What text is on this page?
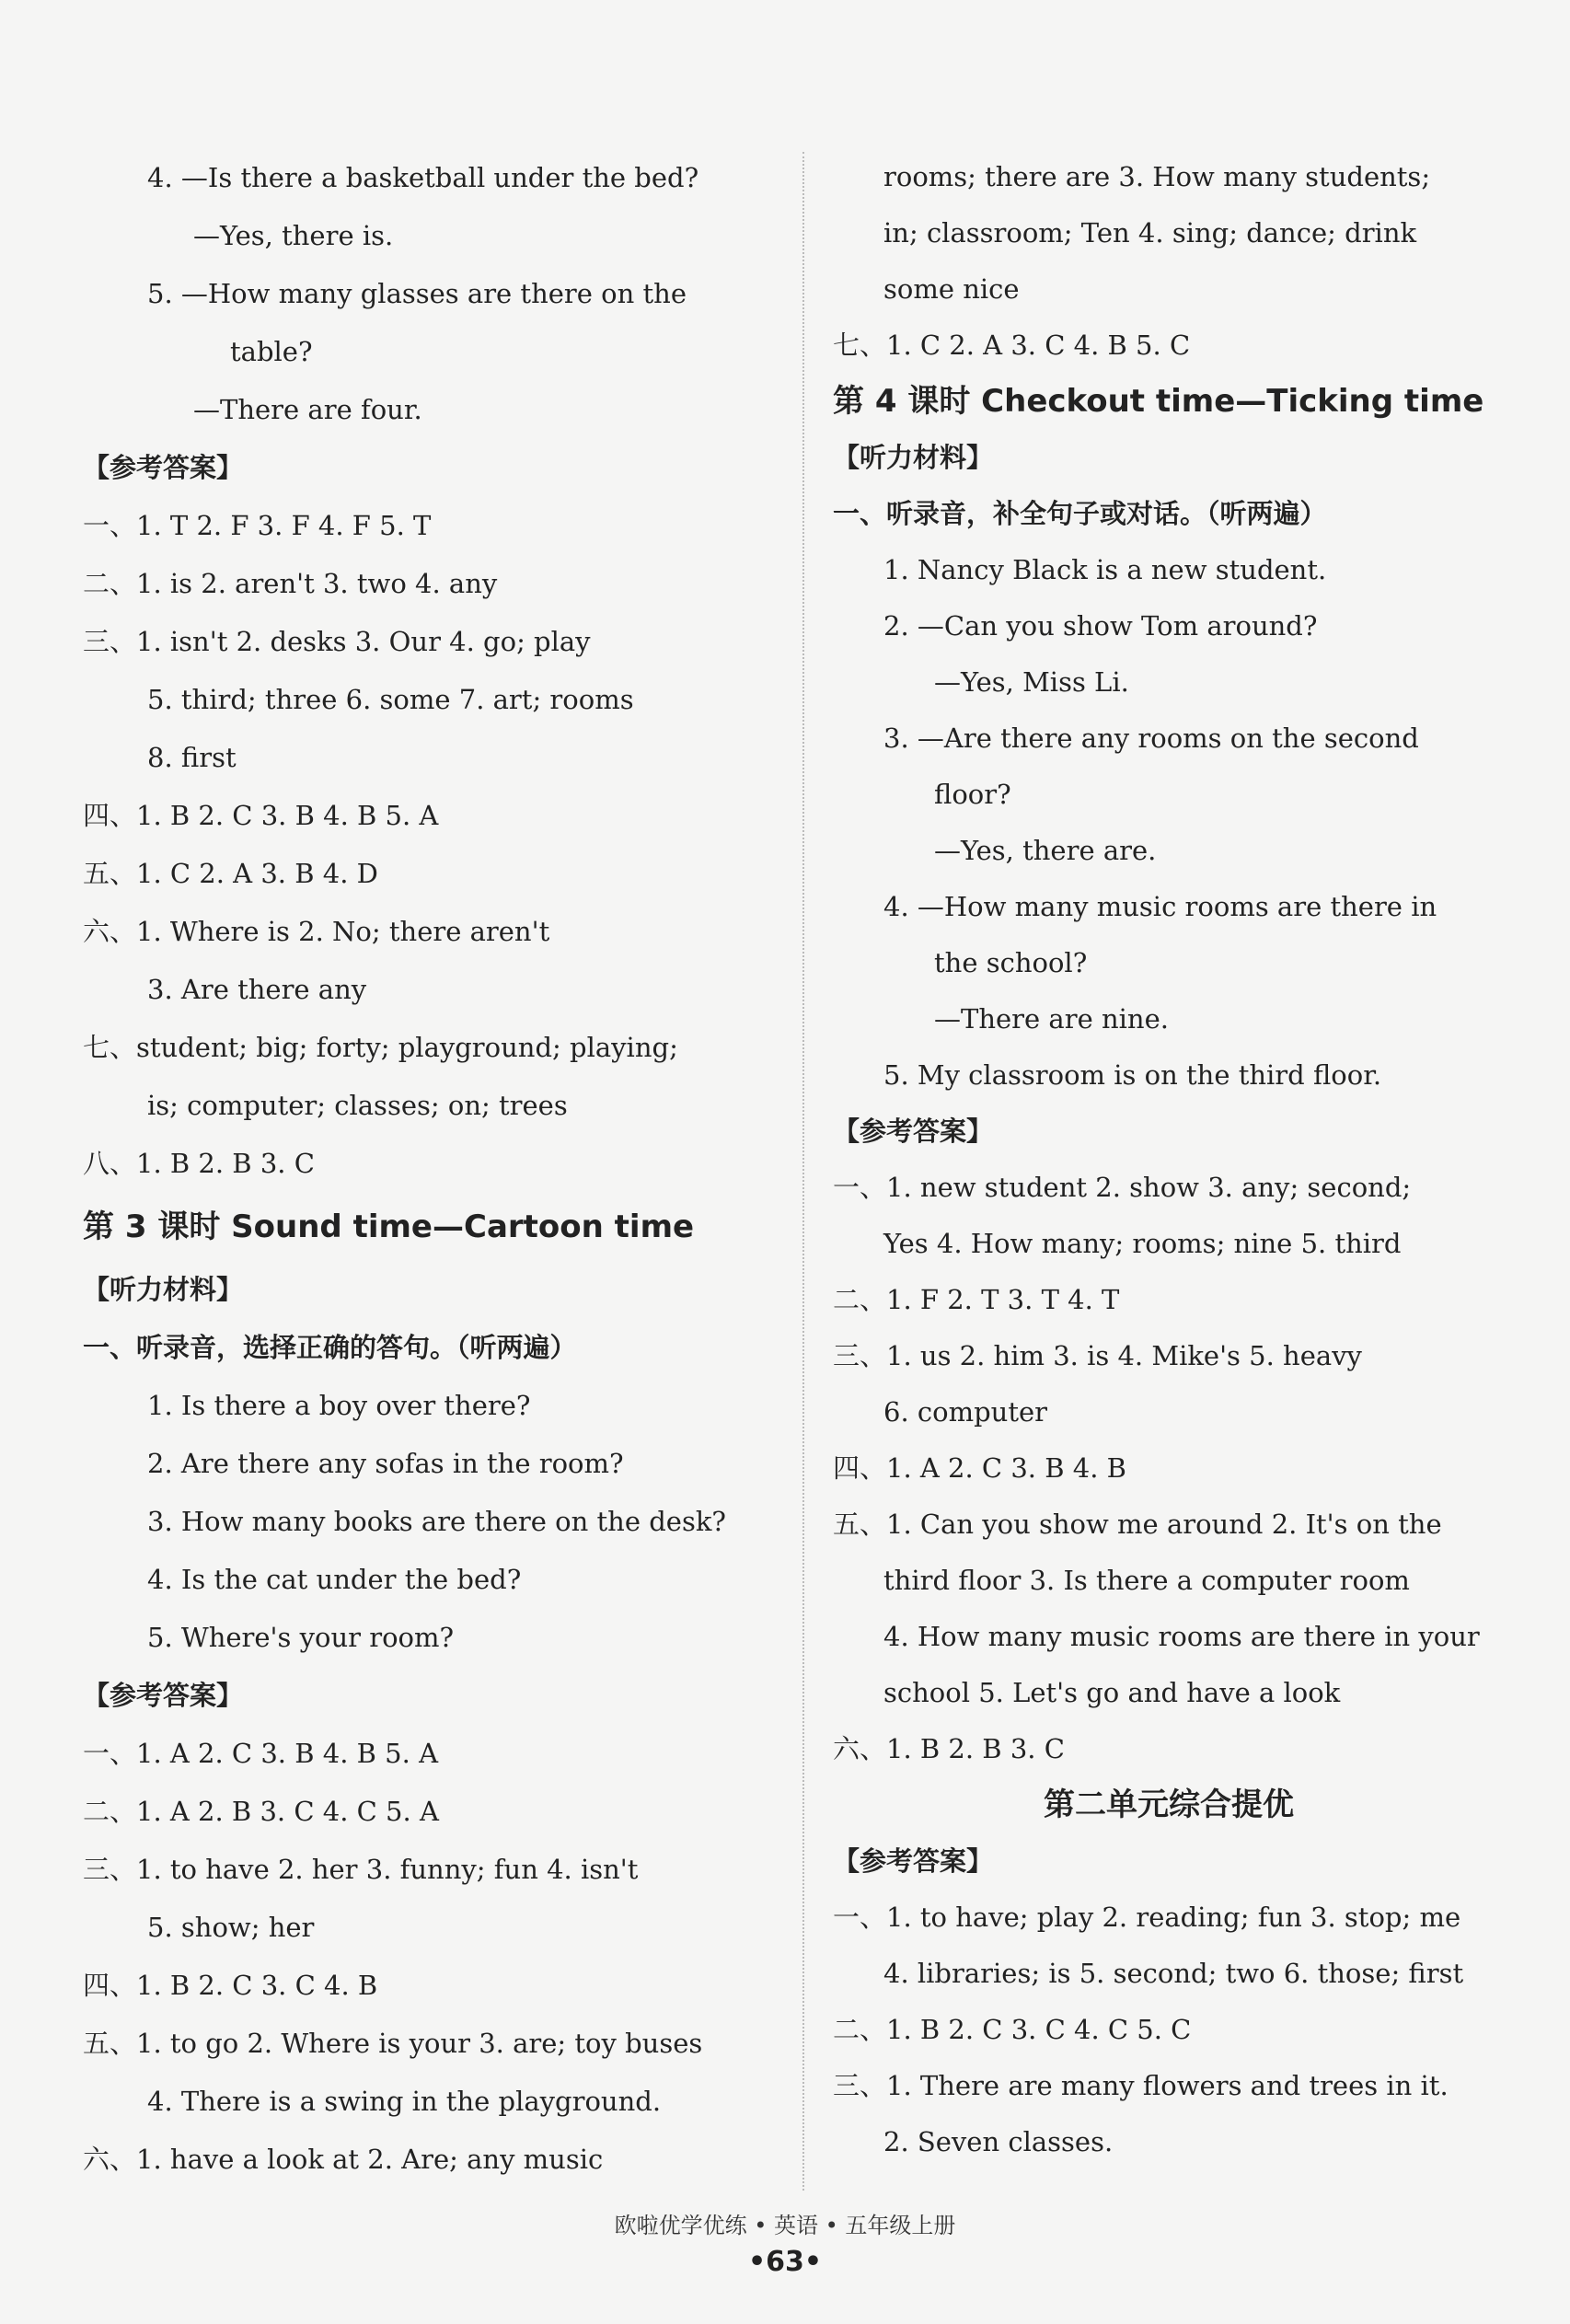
4. —Is there a basketball under the bed?
—Yes, there is.
5. —How many glasses are there on the
table?
—There are four.
【参考答案】
一、1. T 2. F 3. F 4. F 5. T
二、1. is 2. aren't 3. two 4. any
三、1. isn't 2. desks 3. Our 4. go; play
5. third; three 6. some 7. art; rooms
8. first
四、1. B 2. C 3. B 4. B 5. A
五、1. C 2. A 3. B 4. D
六、1. Where is 2. No; there aren't
3. Are there any
七、student; big; forty; playground; playing;
is; computer; classes; on; trees
八、1. B 2. B 3. C
第 3 课时 Sound time—Cartoon time
【听力材料】
一、听录音，选择正确的答句。（听两遍）
1. Is there a boy over there?
2. Are there any sofas in the room?
3. How many books are there on the desk?
4. Is the cat under the bed?
5. Where's your room?
【参考答案】
一、1. A 2. C 3. B 4. B 5. A
二、1. A 2. B 3. C 4. C 5. A
三、1. to have 2. her 3. funny; fun 4. isn't
5. show; her
四、1. B 2. C 3. C 4. B
五、1. to go 2. Where is your 3. are; toy buses
4. There is a swing in the playground.
六、1. have a look at 2. Are; any music
rooms; there are 3. How many students;
in; classroom; Ten 4. sing; dance; drink
some nice
七、1. C 2. A 3. C 4. B 5. C
第 4 课时 Checkout time—Ticking time
【听力材料】
一、听录音，补全句子或对话。（听两遍）
1. Nancy Black is a new student.
2. —Can you show Tom around?
—Yes, Miss Li.
3. —Are there any rooms on the second
floor?
—Yes, there are.
4. —How many music rooms are there in
the school?
—There are nine.
5. My classroom is on the third floor.
【参考答案】
一、1. new student 2. show 3. any; second;
Yes 4. How many; rooms; nine 5. third
二、1. F 2. T 3. T 4. T
三、1. us 2. him 3. is 4. Mike's 5. heavy
6. computer
四、1. A 2. C 3. B 4. B
五、1. Can you show me around 2. It's on the
third floor 3. Is there a computer room
4. How many music rooms are there in your
school 5. Let's go and have a look
六、1. B 2. B 3. C
第二单元综合提优
【参考答案】
一、1. to have; play 2. reading; fun 3. stop; me
4. libraries; is 5. second; two 6. those; first
二、1. B 2. C 3. C 4. C 5. C
三、1. There are many flowers and trees in it.
2. Seven classes.
欧啦优学优练 • 英语 • 五年级上册
•63•
